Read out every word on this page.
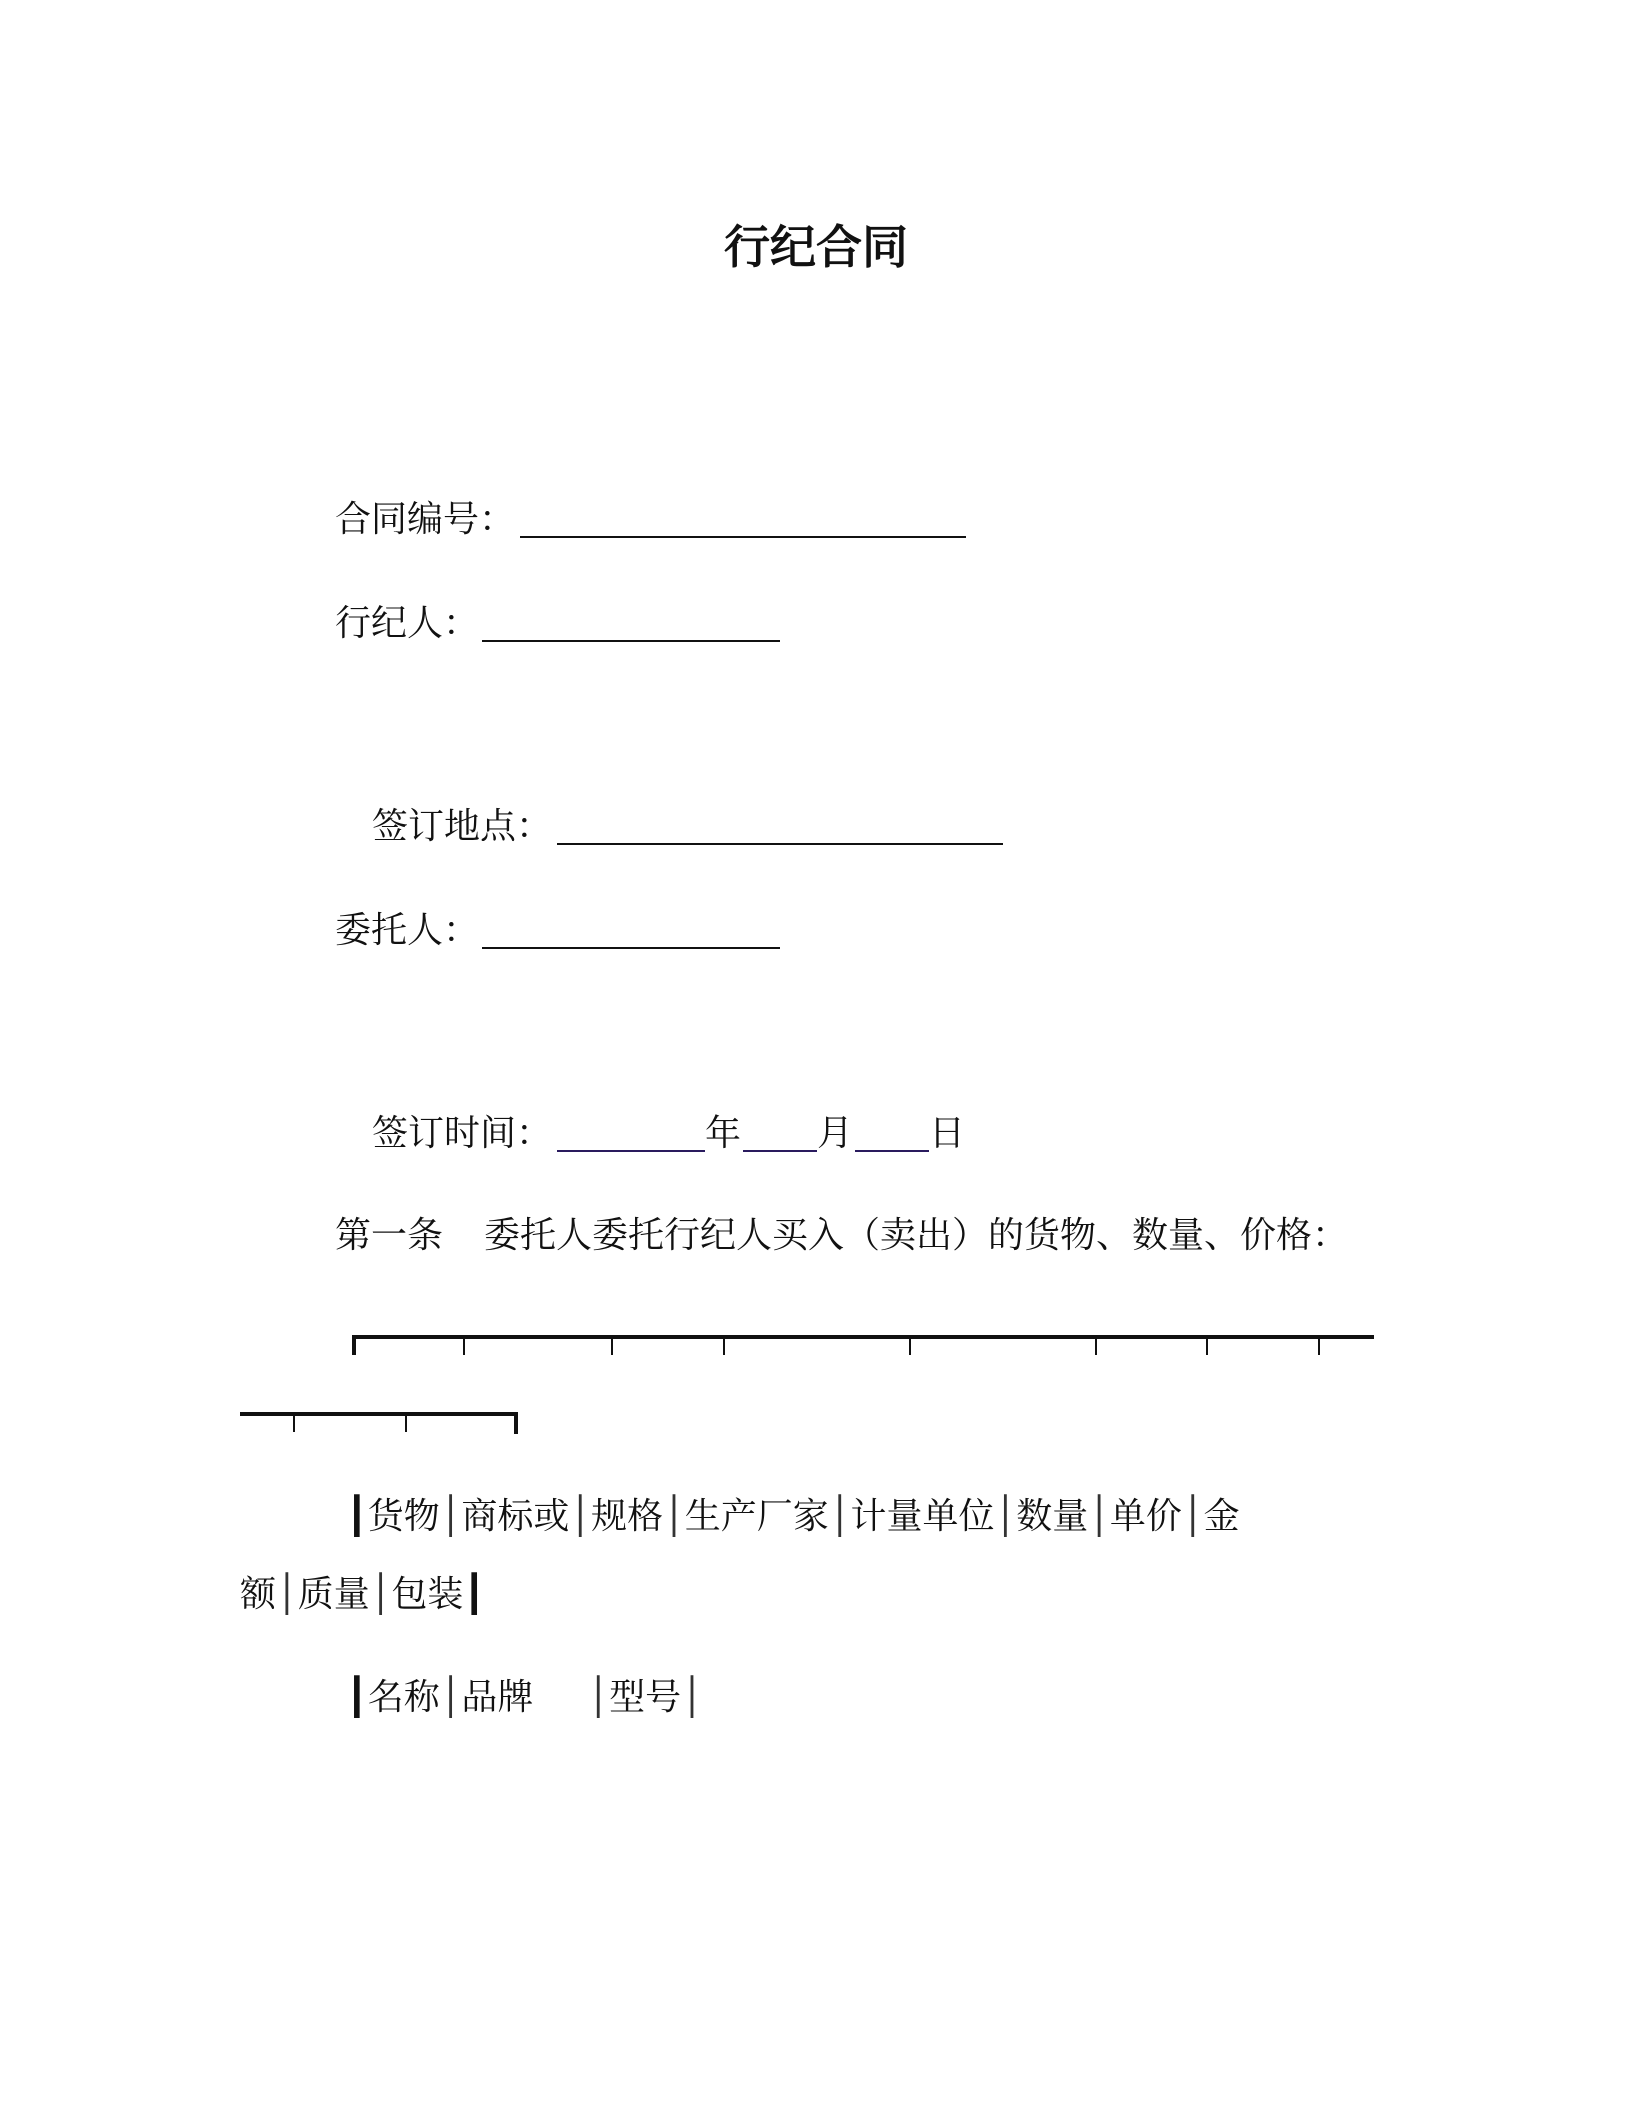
行纪合同
合同编号：
行纪人：
签订地点：
委托人：
签订时间：	年 月 日
第一条 委托人委托行纪人买入（卖出）的货物、数量、价格：
┃货物│商标或│规格│生产厂家│计量单位│数量│单价│金
额│质量│包装┃
┃名称│品牌 │型号│
